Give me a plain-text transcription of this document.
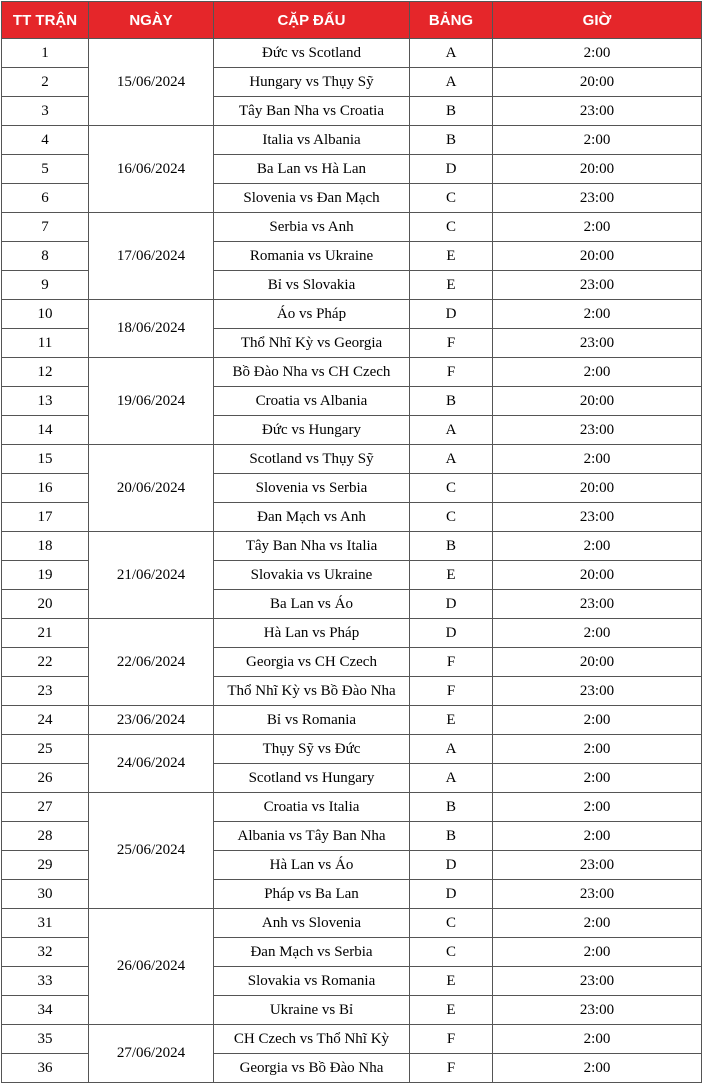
TT TRẬN	NGÀY	CẶP ĐẤU	BẢNG	GIỜ
1	15/06/2024	Đức vs Scotland	A	2:00
2		Hungary vs Thụy Sỹ	A	20:00
3		Tây Ban Nha vs Croatia	B	23:00
4	16/06/2024	Italia vs Albania	B	2:00
5		Ba Lan vs Hà Lan	D	20:00
6		Slovenia vs Đan Mạch	C	23:00
7	17/06/2024	Serbia vs Anh	C	2:00
8		Romania vs Ukraine	E	20:00
9		Bỉ vs Slovakia	E	23:00
10	18/06/2024	Áo vs Pháp	D	2:00
11		Thổ Nhĩ Kỳ vs Georgia	F	23:00
12	19/06/2024	Bồ Đào Nha vs CH Czech	F	2:00
13		Croatia vs Albania	B	20:00
14		Đức vs Hungary	A	23:00
15	20/06/2024	Scotland vs Thụy Sỹ	A	2:00
16		Slovenia vs Serbia	C	20:00
17		Đan Mạch vs Anh	C	23:00
18	21/06/2024	Tây Ban Nha vs Italia	B	2:00
19		Slovakia vs Ukraine	E	20:00
20		Ba Lan vs Áo	D	23:00
21	22/06/2024	Hà Lan vs Pháp	D	2:00
22		Georgia vs CH Czech	F	20:00
23		Thổ Nhĩ Kỳ vs Bồ Đào Nha	F	23:00
24	23/06/2024	Bỉ vs Romania	E	2:00
25	24/06/2024	Thụy Sỹ vs Đức	A	2:00
26		Scotland vs Hungary	A	2:00
27	25/06/2024	Croatia vs Italia	B	2:00
28		Albania vs Tây Ban Nha	B	2:00
29		Hà Lan vs Áo	D	23:00
30		Pháp vs Ba Lan	D	23:00
31	26/06/2024	Anh vs Slovenia	C	2:00
32		Đan Mạch vs Serbia	C	2:00
33		Slovakia vs Romania	E	23:00
34		Ukraine vs Bỉ	E	23:00
35	27/06/2024	CH Czech vs Thổ Nhĩ Kỳ	F	2:00
36		Georgia vs Bồ Đào Nha	F	2:00
